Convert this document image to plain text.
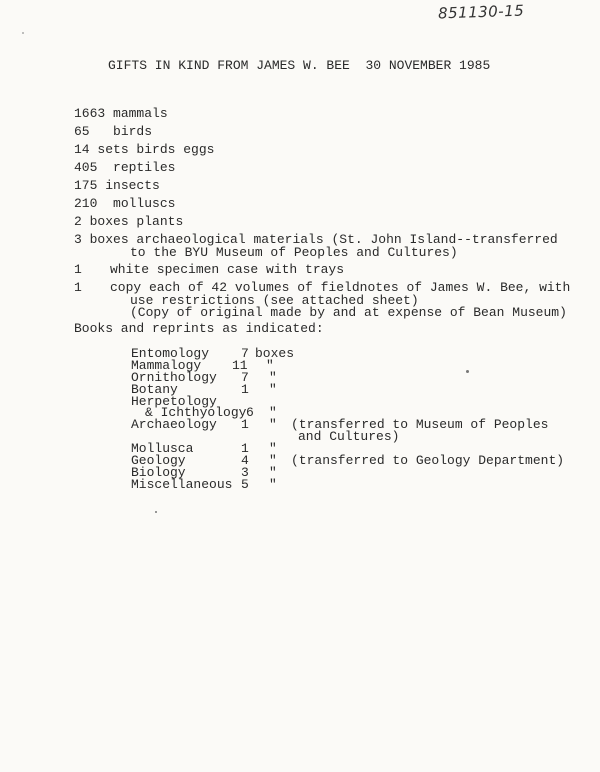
851130-15
GIFTS IN KIND FROM JAMES W. BEE  30 NOVEMBER 1985
1663 mammals
65 birds
14 sets birds eggs
405 reptiles
175 insects
210 molluscs
2 boxes plants
3 boxes archaeological materials (St. John Island--transferred
to the BYU Museum of Peoples and Cultures)
1 white specimen case with trays
1 copy each of 42 volumes of fieldnotes of James W. Bee, with
use restrictions (see attached sheet)
(Copy of original made by and at expense of Bean Museum)
Books and reprints as indicated:
Entomology 7 boxes
Mammalogy 11 "
Ornithology 7 "
Botany	1 "
Herpetology
& Ichthyology 6 "
Archaeology 1 " (transferred to Museum of Peoples
and Cultures)
Mollusca	1 "
Geology	4 " (transferred to Geology Department)
Biology	3 "
Miscellaneous 5 "
